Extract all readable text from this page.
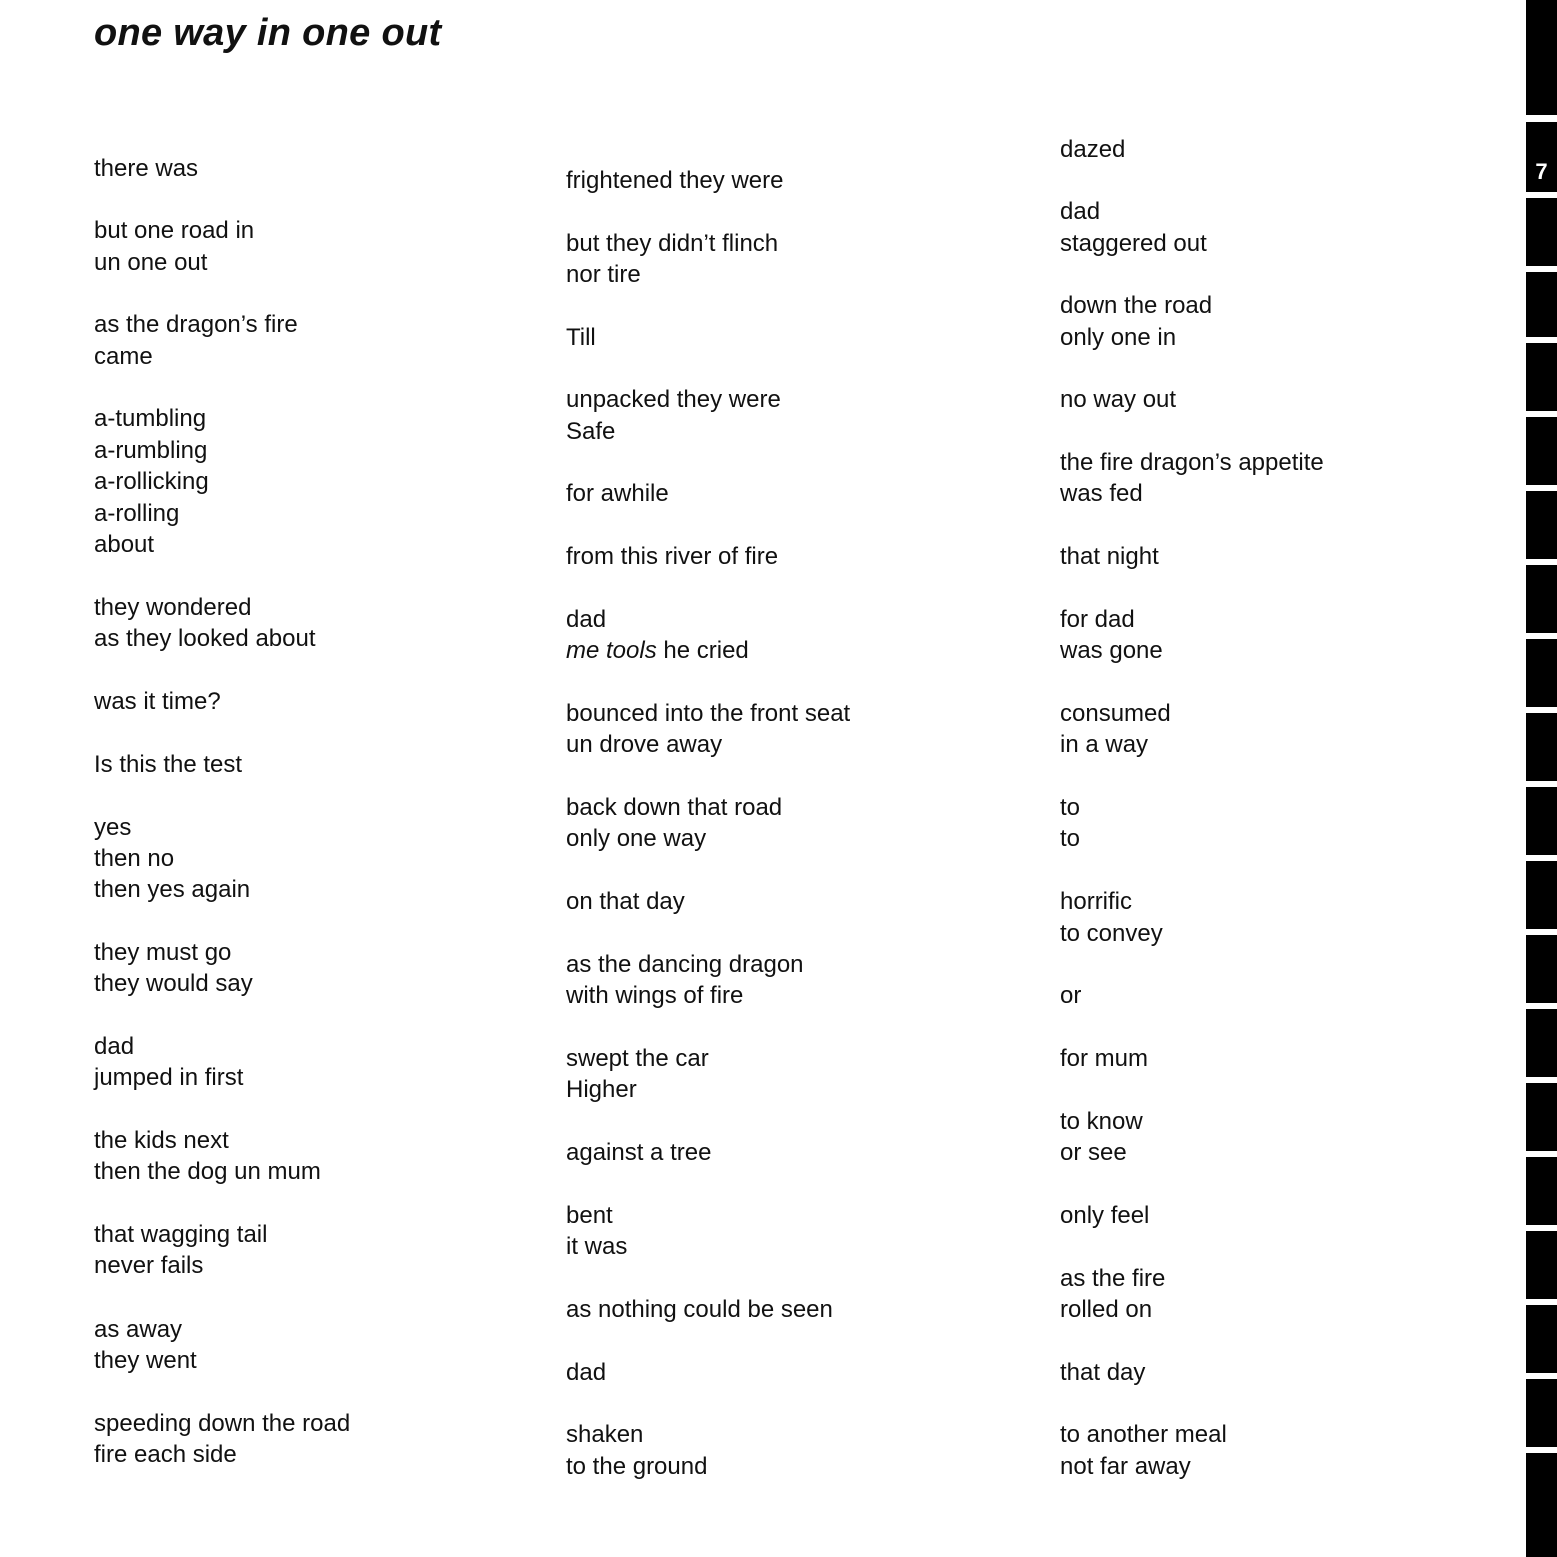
one way in one out
there was
but one road in
un one out
as the dragon’s fire
came
a-tumbling
a-rumbling
a-rollicking
a-rolling
about
they wondered
as they looked about
was it time?
Is this the test
yes
then no
then yes again
they must go
they would say
dad
jumped in first
the kids next
then the dog un mum
that wagging tail
never fails
as away
they went
speeding down the road
fire each side
frightened they were
but they didn’t flinch
nor tire
Till
unpacked they were
Safe
for awhile
from this river of fire
dad
me tools he cried
bounced into the front seat
un drove away
back down that road
only one way
on that day
as the dancing dragon
with wings of fire
swept the car
Higher
against a tree
bent
it was
as nothing could be seen
dad
shaken
to the ground
dazed
dad
staggered out
down the road
only one in
no way out
the fire dragon’s appetite
was fed
that night
for dad
was gone
consumed
in a way
to
to
horrific
to convey
or
for mum
to know
or see
only feel
as the fire
rolled on
that day
to another meal
not far away
7
